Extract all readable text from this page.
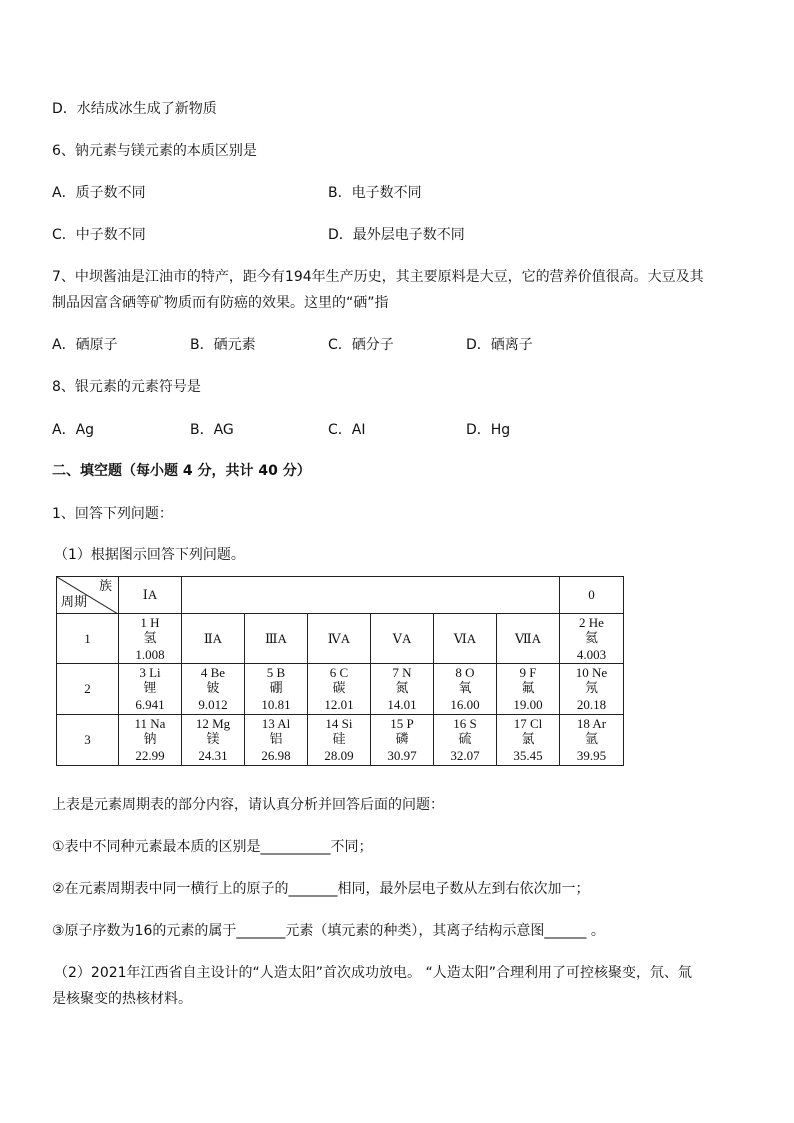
D．水结成冰生成了新物质
6、钠元素与镁元素的本质区别是
A．质子数不同	B．电子数不同
C．中子数不同	D．最外层电子数不同
7、中坝酱油是江油市的特产，距今有194年生产历史，其主要原料是大豆，它的营养价值很高。大豆及其
制品因富含硒等矿物质而有防癌的效果。这里的“硒”指
A．硒原子	B．硒元素	C．硒分子	D．硒离子
8、银元素的元素符号是
A．Ag	B．AG	C．AI	D．Hg
二、填空题（每小题 4 分，共计 40 分）
1、回答下列问题：
（1）根据图示回答下列问题。
族
周期	ⅠA							0
1	1 H
氢
1.008	ⅡA	ⅢA	ⅣA	ⅤA	ⅥA	ⅦA	2 He
氦
4.003

2	3 Li
锂
6.941	4 Be
铍
9.012	5 B
硼
10.81	6 C
碳
12.01	7 N
氮
14.01	8 O
氧
16.00	9 F
氟
19.00	10 Ne
氖
20.18

3	11 Na
钠
22.99	12 Mg
镁
24.31	13 Al
铝
26.98	14 Si
硅
28.09	15 P
磷
30.97	16 S
硫
32.07	17 Cl
氯
35.45	18 Ar
氩
39.95
上表是元素周期表的部分内容，请认真分析并回答后面的问题：
①表中不同种元素最本质的区别是__________不同；
②在元素周期表中同一横行上的原子的_______相同，最外层电子数从左到右依次加一；
③原子序数为16的元素的属于_______元素（填元素的种类），其离子结构示意图______ 。
（2）2021年江西省自主设计的“人造太阳”首次成功放电。 “人造太阳”合理利用了可控核聚变，氘、氚
是核聚变的热核材料。
